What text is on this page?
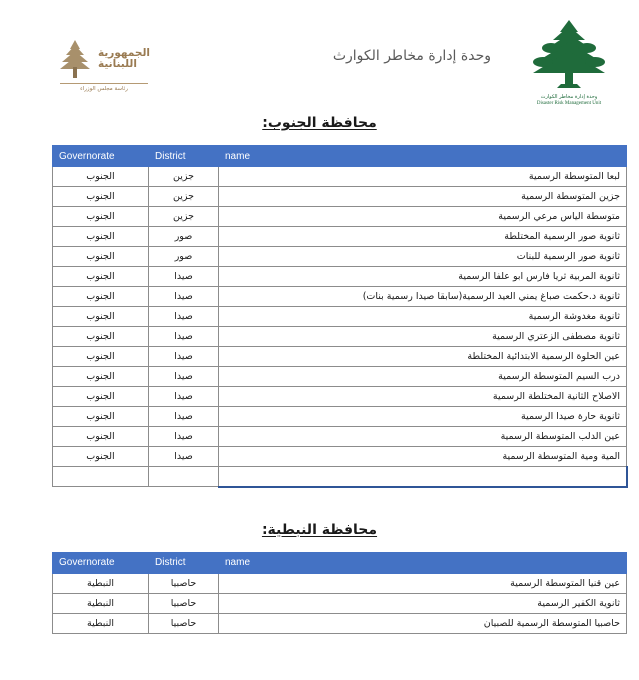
الجمهورية
اللبنانية
رئاسة مجلس الوزراء
وحدة إدارة مخاطر الكوارث
وحدة إدارة مخاطر الكوارث
Disaster Risk Management Unit
محافظة الجنوب:
Governorate	District	name
الجنوب	جزين	لبعا المتوسطة الرسمية
الجنوب	جزين	جزين المتوسطة الرسمية
الجنوب	جزين	متوسطة الياس مرعي الرسمية
الجنوب	صور	ثانوية صور الرسمية المختلطة
الجنوب	صور	ثانوية صور الرسمية للبنات
الجنوب	صيدا	ثانوية المربية ثريا فارس ابو علفا الرسمية
الجنوب	صيدا	ثانوية د.حكمت صباغ يمني العيد الرسمية(سابقا صيدا رسمية بنات)
الجنوب	صيدا	ثانوية مغدوشة الرسمية
الجنوب	صيدا	ثانوية مصطفى الزعتري الرسمية
الجنوب	صيدا	عين الحلوة الرسمية الابتدائية المختلطة
الجنوب	صيدا	درب السيم المتوسطة الرسمية
الجنوب	صيدا	الاصلاح الثانية المختلطة الرسمية
الجنوب	صيدا	ثانوية حارة صيدا الرسمية
الجنوب	صيدا	عين الدلب المتوسطة الرسمية
الجنوب	صيدا	المية ومية المتوسطة الرسمية

محافظة النبطية:
Governorate	District	name
النبطية	حاصبيا	عين قنيا المتوسطة الرسمية
النبطية	حاصبيا	ثانوية الكفير الرسمية
النبطية	حاصبيا	حاصبيا المتوسطة الرسمية للصبيان
